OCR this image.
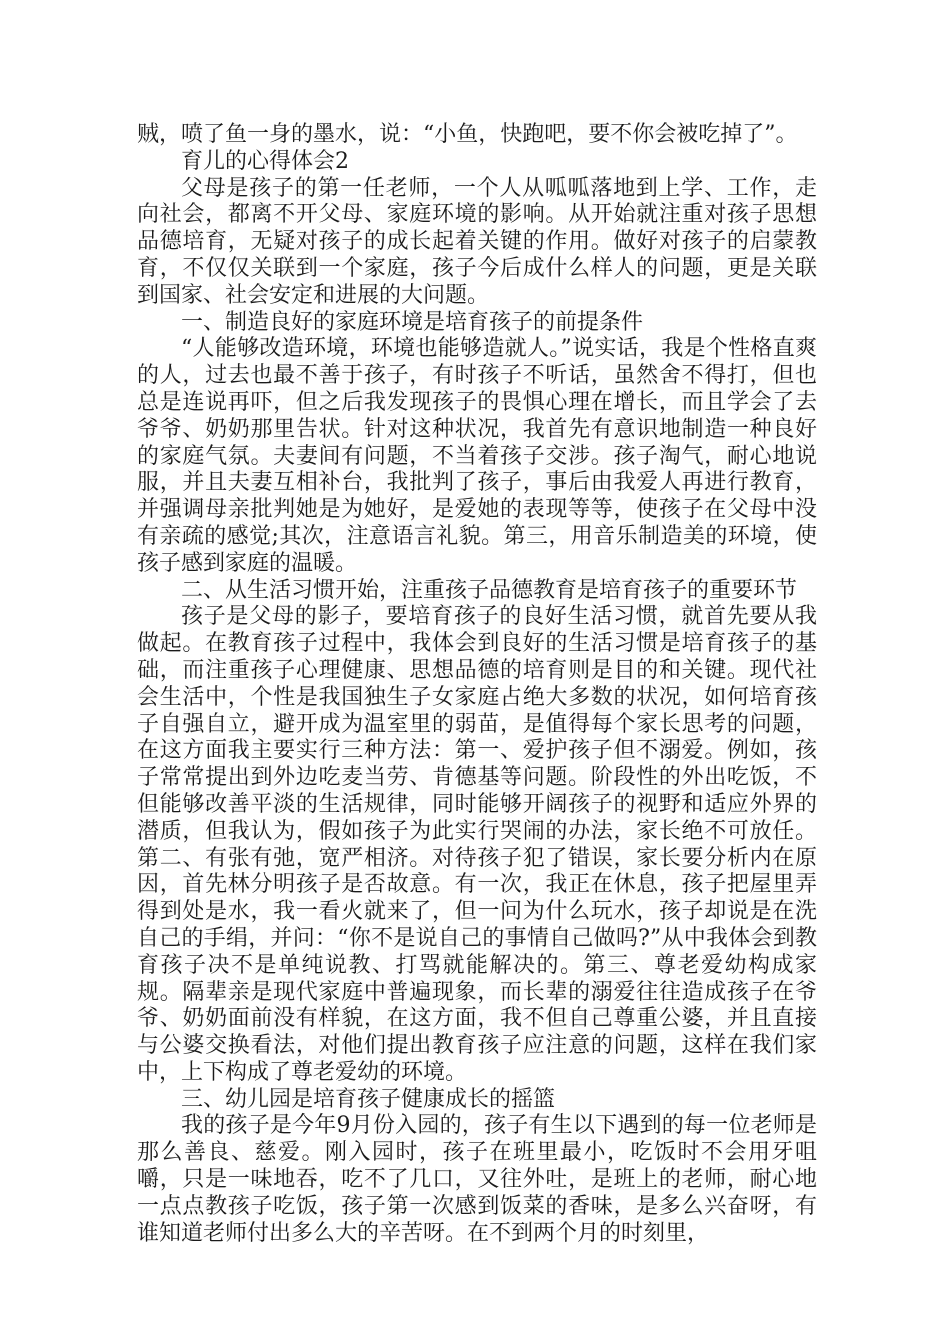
贼，喷了鱼一身的墨水，说：“小鱼，快跑吧，要不你会被吃掉了”。

育儿的心得体会2

父母是孩子的第一任老师，一个人从呱呱落地到上学、工作，走向社会，都离不开父母、家庭环境的影响。从开始就注重对孩子思想品德培育，无疑对孩子的成长起着关键的作用。做好对孩子的启蒙教育，不仅仅关联到一个家庭，孩子今后成什么样人的问题，更是关联到国家、社会安定和进展的大问题。

一、制造良好的家庭环境是培育孩子的前提条件

“人能够改造环境，环境也能够造就人。”说实话，我是个性格直爽的人，过去也最不善于孩子，有时孩子不听话，虽然舍不得打，但也总是连说再吓，但之后我发现孩子的畏惧心理在增长，而且学会了去爷爷、奶奶那里告状。针对这种状况，我首先有意识地制造一种良好的家庭气氛。夫妻间有问题，不当着孩子交涉。孩子淘气，耐心地说服，并且夫妻互相补台，我批判了孩子，事后由我爱人再进行教育，并强调母亲批判她是为她好，是爱她的表现等等，使孩子在父母中没有亲疏的感觉;其次，注意语言礼貌。第三，用音乐制造美的环境，使孩子感到家庭的温暖。

二、从生活习惯开始，注重孩子品德教育是培育孩子的重要环节

孩子是父母的影子，要培育孩子的良好生活习惯，就首先要从我做起。在教育孩子过程中，我体会到良好的生活习惯是培育孩子的基础，而注重孩子心理健康、思想品德的培育则是目的和关键。现代社会生活中，个性是我国独生子女家庭占绝大多数的状况，如何培育孩子自强自立，避开成为温室里的弱苗，是值得每个家长思考的问题，在这方面我主要实行三种方法：第一、爱护孩子但不溺爱。例如，孩子常常提出到外边吃麦当劳、肯德基等问题。阶段性的外出吃饭，不但能够改善平淡的生活规律，同时能够开阔孩子的视野和适应外界的潜质，但我认为，假如孩子为此实行哭闹的办法，家长绝不可放任。第二、有张有弛，宽严相济。对待孩子犯了错误，家长要分析内在原因，首先林分明孩子是否故意。有一次，我正在休息，孩子把屋里弄得到处是水，我一看火就来了，但一问为什么玩水，孩子却说是在洗自己的手绢，并问：“你不是说自己的事情自己做吗?”从中我体会到教育孩子决不是单纯说教、打骂就能解决的。第三、尊老爱幼构成家规。隔辈亲是现代家庭中普遍现象，而长辈的溺爱往往造成孩子在爷爷、奶奶面前没有样貌，在这方面，我不但自己尊重公婆，并且直接与公婆交换看法，对他们提出教育孩子应注意的问题，这样在我们家中，上下构成了尊老爱幼的环境。

三、幼儿园是培育孩子健康成长的摇篮

我的孩子是今年9月份入园的，孩子有生以下遇到的每一位老师是那么善良、慈爱。刚入园时，孩子在班里最小，吃饭时不会用牙咀嚼，只是一味地吞，吃不了几口，又往外吐，是班上的老师，耐心地一点点教孩子吃饭，孩子第一次感到饭菜的香味，是多么兴奋呀，有谁知道老师付出多么大的辛苦呀。在不到两个月的时刻里，
